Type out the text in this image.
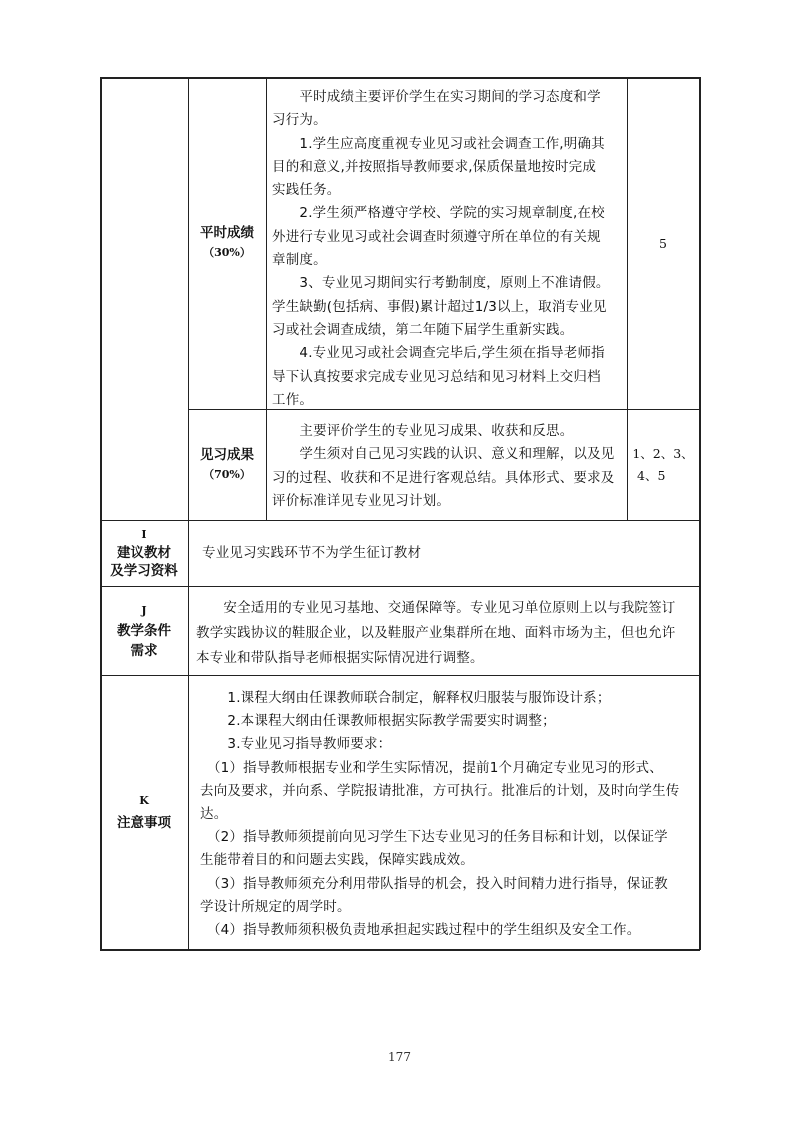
平时成绩
（30%）

　　平时成绩主要评价学生在实习期间的学习态度和学

习行为。

　　1.学生应高度重视专业见习或社会调查工作,明确其

目的和意义,并按照指导教师要求,保质保量地按时完成

实践任务。

　　2.学生须严格遵守学校、学院的实习规章制度,在校

外进行专业见习或社会调查时须遵守所在单位的有关规

章制度。

　　3、专业见习期间实行考勤制度，原则上不准请假。

学生缺勤(包括病、事假)累计超过1/3以上，取消专业见

习或社会调查成绩，第二年随下届学生重新实践。

　　4.专业见习或社会调查完毕后,学生须在指导老师指

导下认真按要求完成专业见习总结和见习材料上交归档

工作。

5
见习成果
（70%）

　　主要评价学生的专业见习成果、收获和反思。

　　学生须对自己见习实践的认识、意义和理解，以及见

习的过程、收获和不足进行客观总结。具体形式、要求及

评价标准详见专业见习计划。

1、2、3、
4、5
I
建议教材
及学习资料
专业见习实践环节不为学生征订教材
J
教学条件
需求

　　安全适用的专业见习基地、交通保障等。专业见习单位原则上以与我院签订

教学实践协议的鞋服企业，以及鞋服产业集群所在地、面料市场为主，但也允许

本专业和带队指导老师根据实际情况进行调整。

K
注意事项

　　1.课程大纲由任课教师联合制定，解释权归服装与服饰设计系；

　　2.本课程大纲由任课教师根据实际教学需要实时调整；

　　3.专业见习指导教师要求：

　（1）指导教师根据专业和学生实际情况，提前1个月确定专业见习的形式、

去向及要求，并向系、学院报请批准，方可执行。批准后的计划，及时向学生传

达。

　（2）指导教师须提前向见习学生下达专业见习的任务目标和计划，以保证学

生能带着目的和问题去实践，保障实践成效。

　（3）指导教师须充分利用带队指导的机会，投入时间精力进行指导，保证教

学设计所规定的周学时。

　（4）指导教师须积极负责地承担起实践过程中的学生组织及安全工作。

177
